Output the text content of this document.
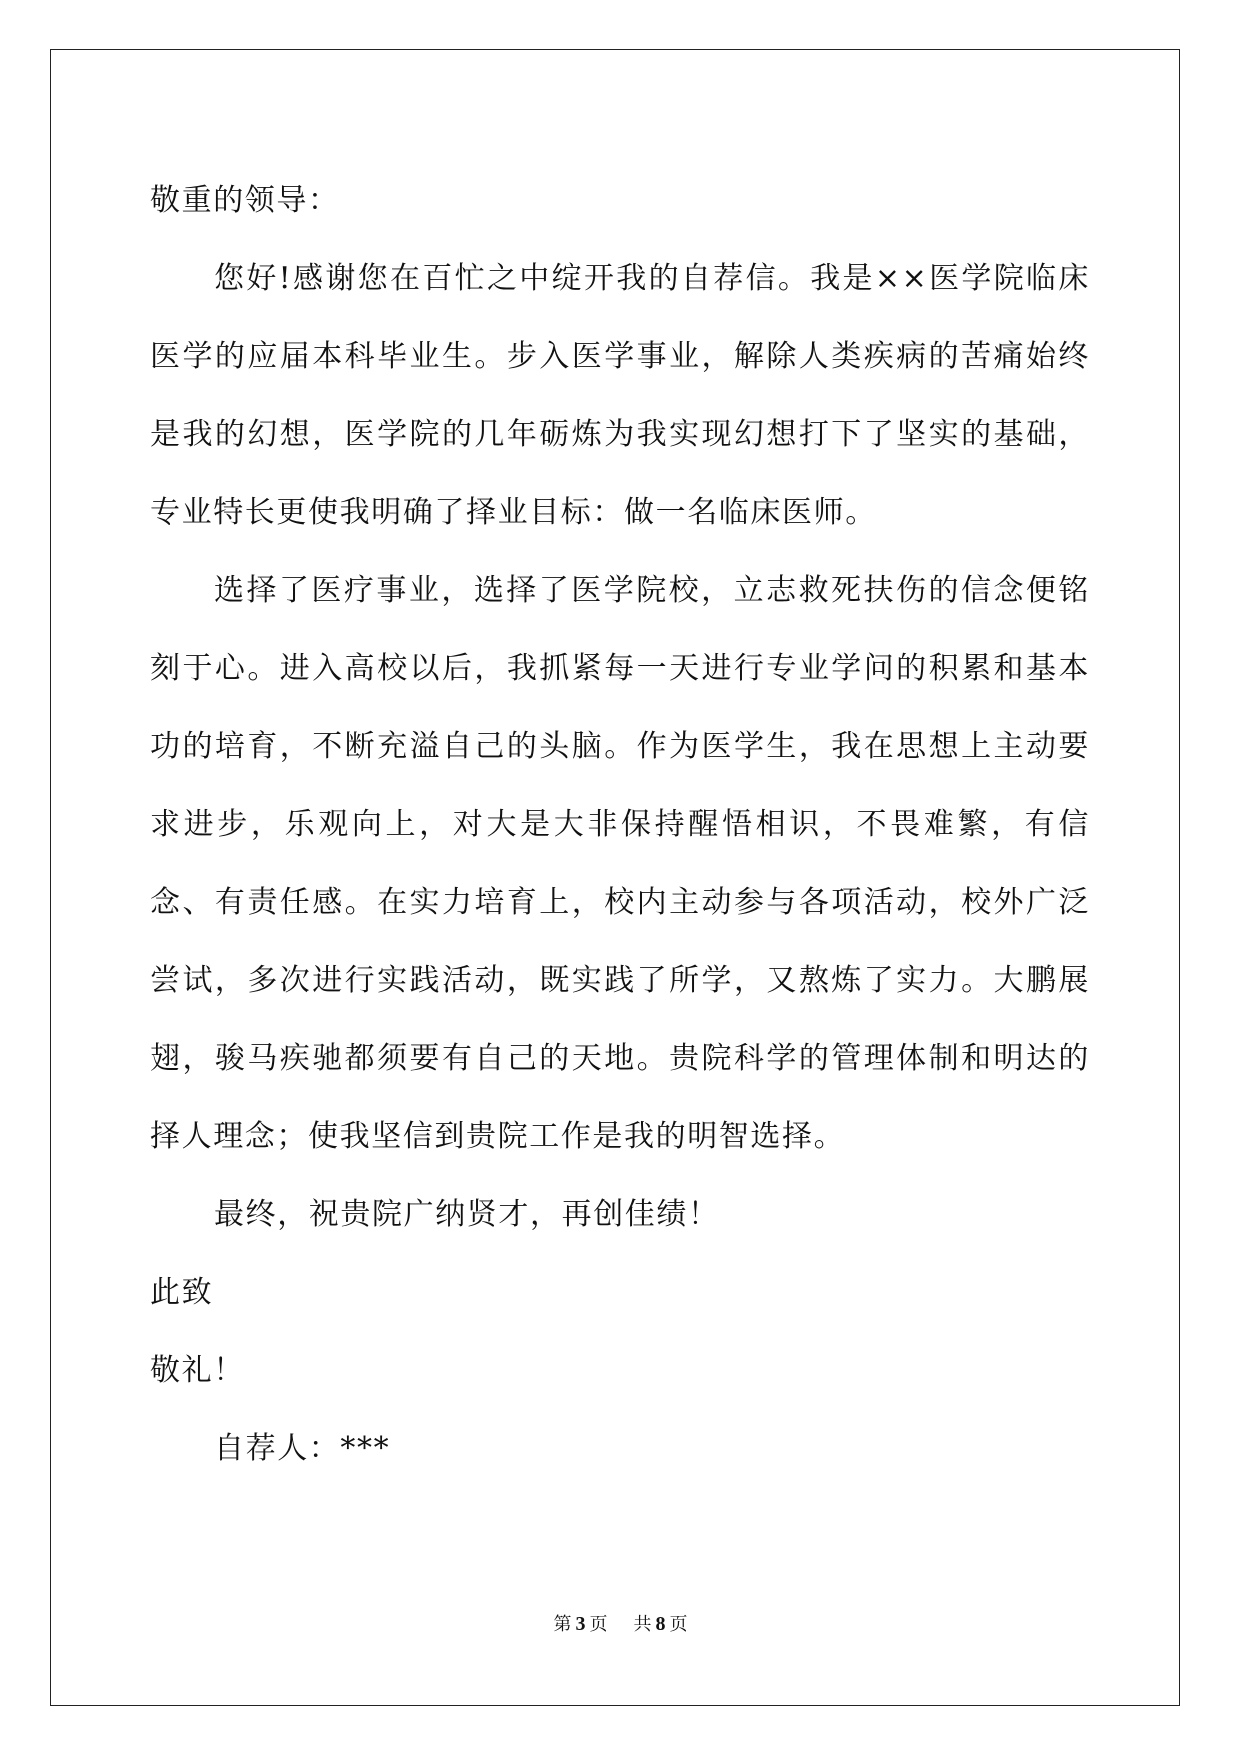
敬重的领导：

您好!感谢您在百忙之中绽开我的自荐信。我是××医学院临床医学的应届本科毕业生。步入医学事业，解除人类疾病的苦痛始终是我的幻想，医学院的几年砺炼为我实现幻想打下了坚实的基础，专业特长更使我明确了择业目标：做一名临床医师。

选择了医疗事业，选择了医学院校，立志救死扶伤的信念便铭刻于心。进入高校以后，我抓紧每一天进行专业学问的积累和基本功的培育，不断充溢自己的头脑。作为医学生，我在思想上主动要求进步，乐观向上，对大是大非保持醒悟相识，不畏难繁，有信念、有责任感。在实力培育上，校内主动参与各项活动，校外广泛尝试，多次进行实践活动，既实践了所学，又熬炼了实力。大鹏展翅，骏马疾驰都须要有自己的天地。贵院科学的管理体制和明达的择人理念；使我坚信到贵院工作是我的明智选择。

最终，祝贵院广纳贤才，再创佳绩！

此致

敬礼！

自荐人：***

第 3 页 共 8 页
